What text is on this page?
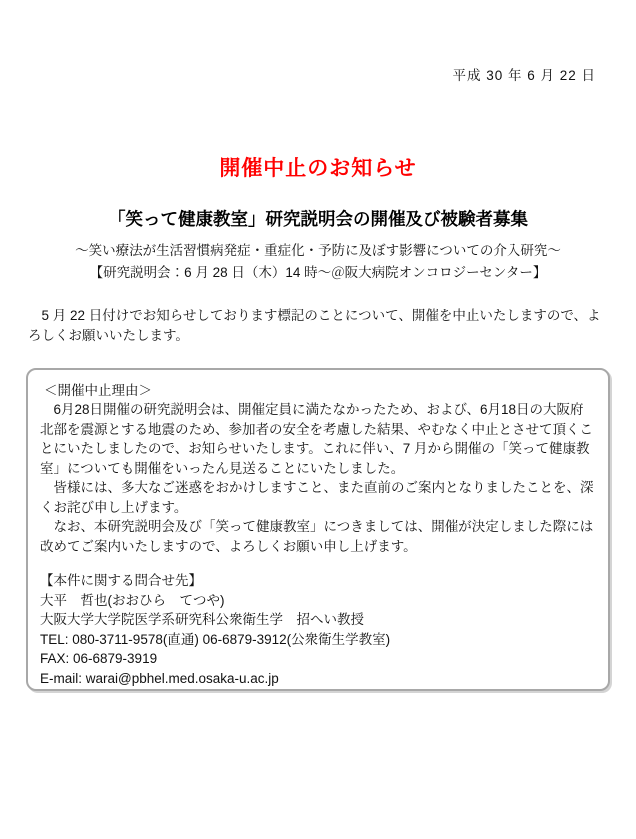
平成 30 年 6 月 22 日
開催中止のお知らせ
「笑って健康教室」研究説明会の開催及び被験者募集
～笑い療法が生活習慣病発症・重症化・予防に及ぼす影響についての介入研究～
【研究説明会：6 月 28 日（木）14 時～＠阪大病院オンコロジーセンター】
　5 月 22 日付けでお知らせしております標記のことについて、開催を中止いたしますので、よろしくお願いいたします。
＜開催中止理由＞

　6月28日開催の研究説明会は、開催定員に満たなかったため、および、6月18日の大阪府北部を震源とする地震のため、参加者の安全を考慮した結果、やむなく中止とさせて頂くことにいたしましたので、お知らせいたします。これに伴い、7 月から開催の「笑って健康教室」についても開催をいったん見送ることにいたしました。

　皆様には、多大なご迷惑をおかけしますこと、また直前のご案内となりましたことを、深くお詫び申し上げます。

　なお、本研究説明会及び「笑って健康教室」につきましては、開催が決定しました際には改めてご案内いたしますので、よろしくお願い申し上げます。

【本件に関する問合せ先】
大平　哲也(おおひら　てつや)
大阪大学大学院医学系研究科公衆衛生学　招へい教授
TEL: 080-3711-9578(直通) 06-6879-3912(公衆衛生学教室)
FAX: 06-6879-3919
E-mail: warai@pbhel.med.osaka-u.ac.jp
